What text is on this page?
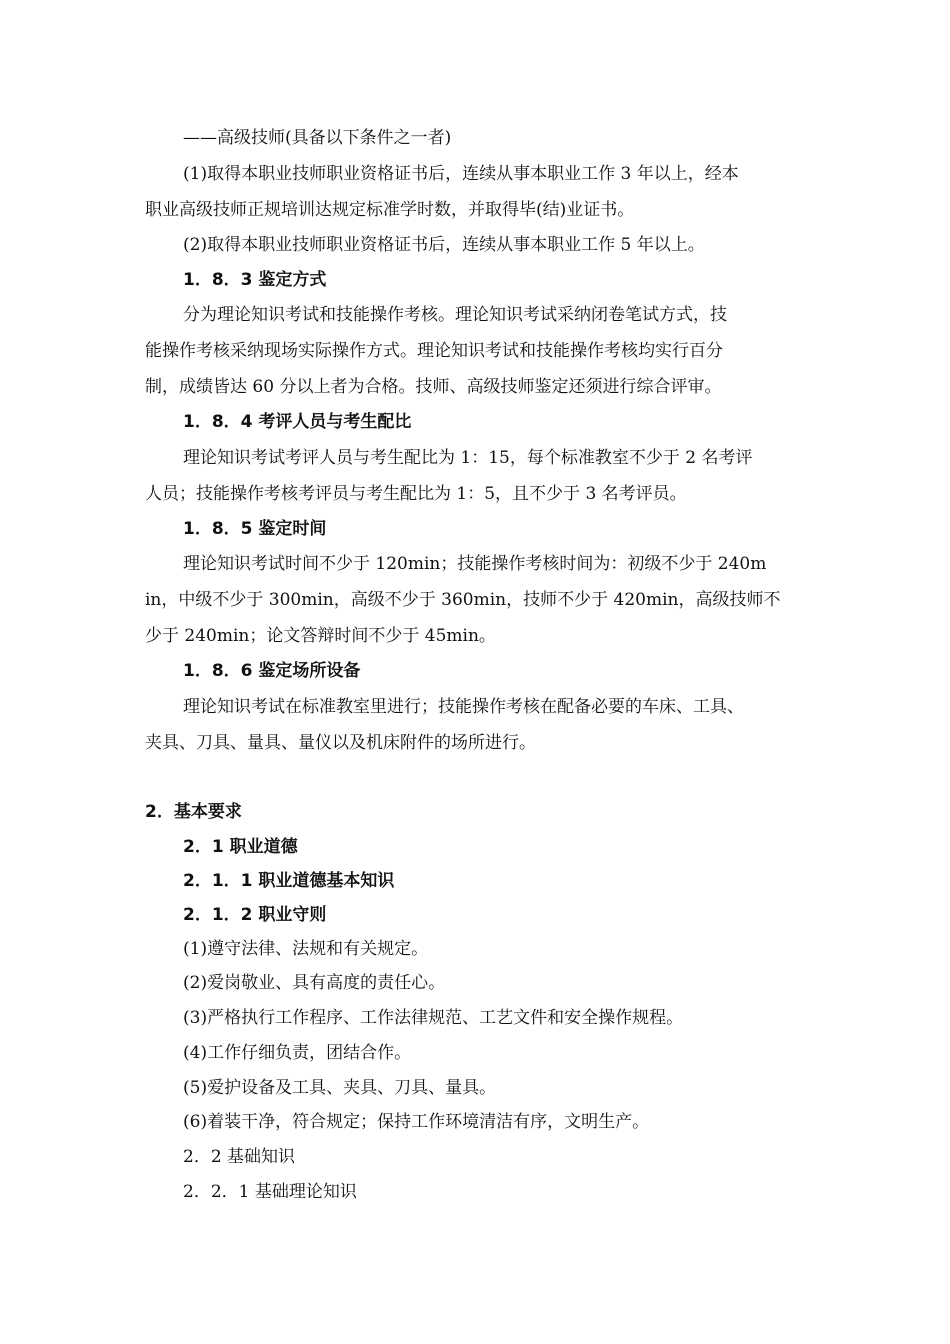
——高级技师(具备以下条件之一者)
(1)取得本职业技师职业资格证书后，连续从事本职业工作 3 年以上，经本
职业高级技师正规培训达规定标准学时数，并取得毕(结)业证书。
(2)取得本职业技师职业资格证书后，连续从事本职业工作 5 年以上。
1．8．3 鉴定方式
分为理论知识考试和技能操作考核。理论知识考试采纳闭卷笔试方式，技
能操作考核采纳现场实际操作方式。理论知识考试和技能操作考核均实行百分
制，成绩皆达 60 分以上者为合格。技师、高级技师鉴定还须进行综合评审。
1．8．4 考评人员与考生配比
理论知识考试考评人员与考生配比为 1：15，每个标准教室不少于 2 名考评
人员；技能操作考核考评员与考生配比为 1：5，且不少于 3 名考评员。
1．8．5 鉴定时间
理论知识考试时间不少于 120min；技能操作考核时间为：初级不少于 240m
in，中级不少于 300min，高级不少于 360min，技师不少于 420min，高级技师不
少于 240min；论文答辩时间不少于 45min。
1．8．6 鉴定场所设备
理论知识考试在标准教室里进行；技能操作考核在配备必要的车床、工具、
夹具、刀具、量具、量仪以及机床附件的场所进行。
2．基本要求
2．1 职业道德
2．1．1 职业道德基本知识
2．1．2 职业守则
(1)遵守法律、法规和有关规定。
(2)爱岗敬业、具有高度的责任心。
(3)严格执行工作程序、工作法律规范、工艺文件和安全操作规程。
(4)工作仔细负责，团结合作。
(5)爱护设备及工具、夹具、刀具、量具。
(6)着装干净，符合规定；保持工作环境清洁有序，文明生产。
2．2 基础知识
2．2．1 基础理论知识
